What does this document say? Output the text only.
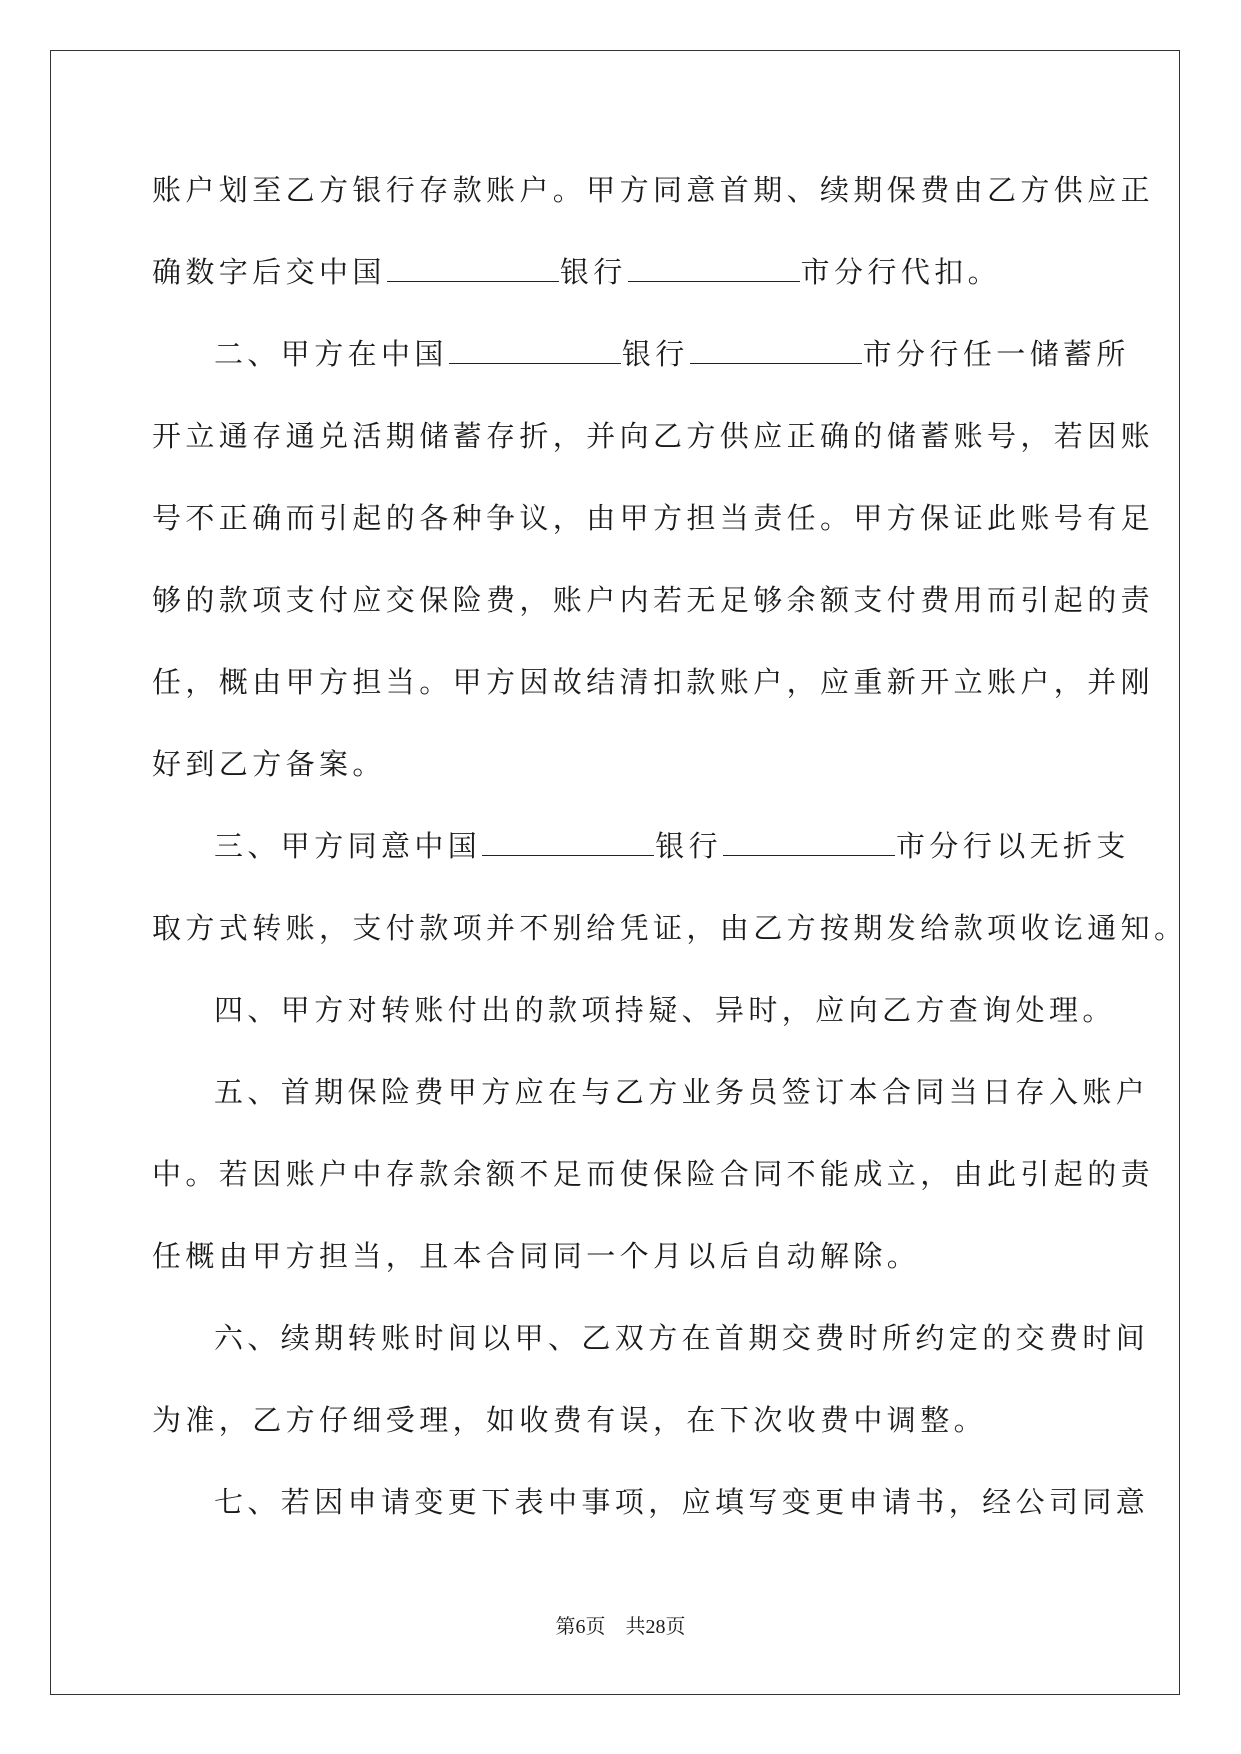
账户划至乙方银行存款账户。甲方同意首期、续期保费由乙方供应正
确数字后交中国	银行	市分行代扣。
二、甲方在中国	银行	市分行任一储蓄所
开立通存通兑活期储蓄存折，并向乙方供应正确的储蓄账号，若因账
号不正确而引起的各种争议，由甲方担当责任。甲方保证此账号有足
够的款项支付应交保险费，账户内若无足够余额支付费用而引起的责
任，概由甲方担当。甲方因故结清扣款账户，应重新开立账户，并刚
好到乙方备案。
三、甲方同意中国	银行	市分行以无折支
取方式转账，支付款项并不别给凭证，由乙方按期发给款项收讫通知。
四、甲方对转账付出的款项持疑、异时，应向乙方查询处理。
五、首期保险费甲方应在与乙方业务员签订本合同当日存入账户
中。若因账户中存款余额不足而使保险合同不能成立，由此引起的责
任概由甲方担当，且本合同同一个月以后自动解除。
六、续期转账时间以甲、乙双方在首期交费时所约定的交费时间
为准，乙方仔细受理，如收费有误，在下次收费中调整。
七、若因申请变更下表中事项，应填写变更申请书，经公司同意
第6页 共28页
